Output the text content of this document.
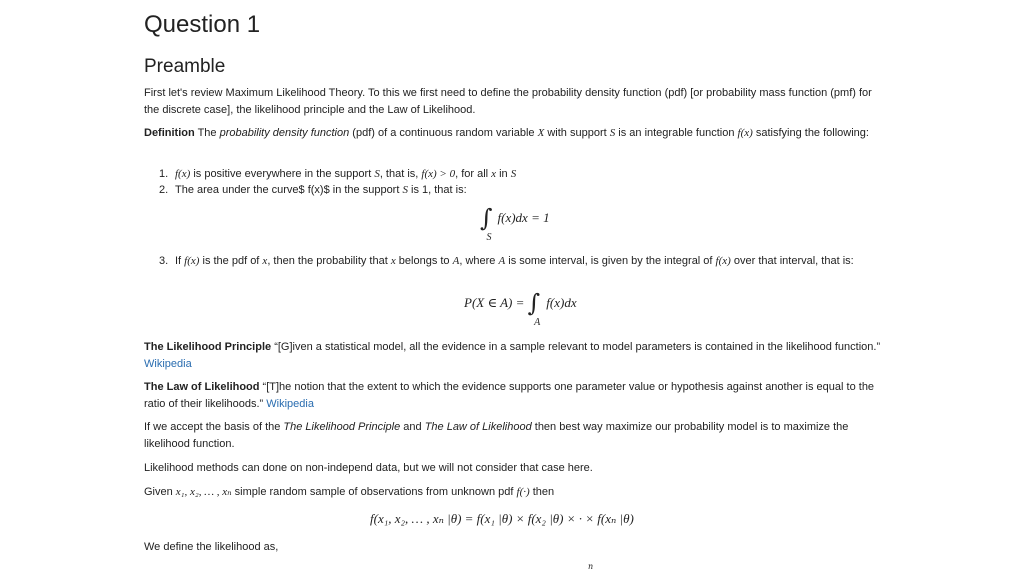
Question 1
Preamble
First let's review Maximum Likelihood Theory. To this we first need to define the probability density function (pdf) [or probability mass function (pmf) for the discrete case], the likelihood principle and the Law of Likelihood.
Definition The probability density function (pdf) of a continuous random variable X with support S is an integrable function f(x) satisfying the following:
1. f(x) is positive everywhere in the support S, that is, f(x) > 0, for all x in S
2. The area under the curve$ f(x)$ in the support S is 1, that is:
$\int_Sf(x)dx = 1$
3. If f(x) is the pdf of x, then the probability that x belongs to A, where A is some interval, is given by the integral of f(x) over that interval, that is:
P(X ∈ $A) = \int_Af(x)dx$
The Likelihood Principle “[G]iven a statistical model, all the evidence in a sample relevant to model parameters is contained in the likelihood function.” Wikipedia
The Law of Likelihood “[T]he notion that the extent to which the evidence supports one parameter value or hypothesis against another is equal to the ratio of their likelihoods.” Wikipedia
If we accept the basis of the The Likelihood Principle and The Law of Likelihood then best way maximize our probability model is to maximize the likelihood function.
Likelihood methods can done on non-independ data, but we will not consider that case here.
Given x₁, x₂, … , xₙ simple random sample of observations from unknown pdf f(·) then
f(x₁, x₂, … , xₙ |θ) = f(x₁ |θ) × f(x₂ |θ) × · × f(xₙ |θ)
We define the likelihood as,
n
